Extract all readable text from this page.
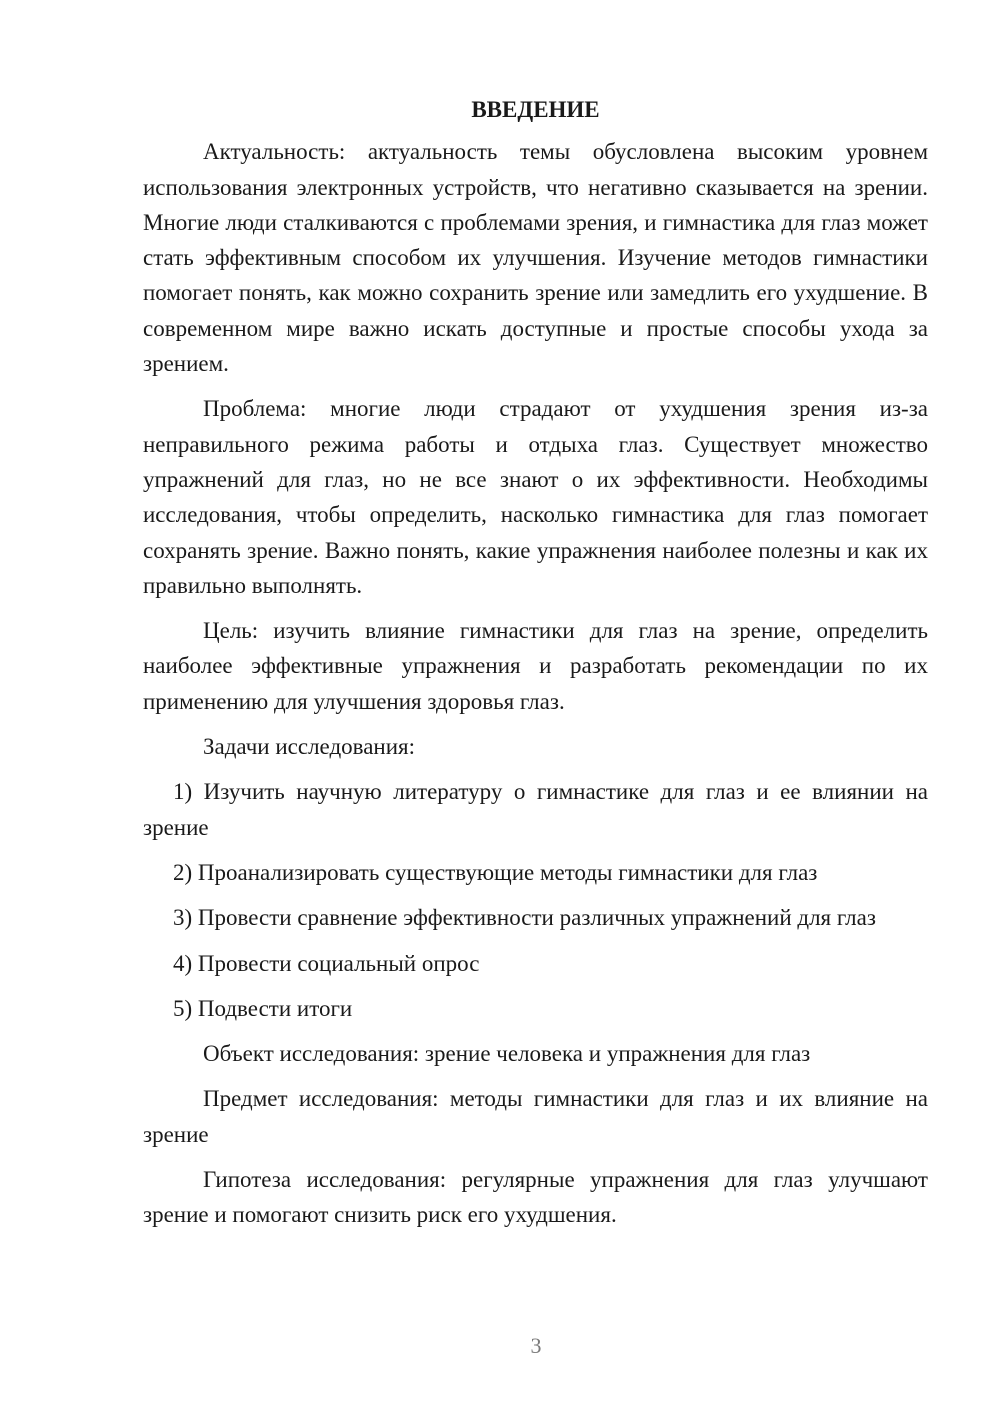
ВВЕДЕНИЕ

Актуальность: актуальность темы обусловлена высоким уровнем использования электронных устройств, что негативно сказывается на зрении. Многие люди сталкиваются с проблемами зрения, и гимнастика для глаз может стать эффективным способом их улучшения. Изучение методов гимнастики помогает понять, как можно сохранить зрение или замедлить его ухудшение. В современном мире важно искать доступные и простые способы ухода за зрением.

Проблема: многие люди страдают от ухудшения зрения из-за неправильного режима работы и отдыха глаз. Существует множество упражнений для глаз, но не все знают о их эффективности. Необходимы исследования, чтобы определить, насколько гимнастика для глаз помогает сохранять зрение. Важно понять, какие упражнения наиболее полезны и как их правильно выполнять.

Цель: изучить влияние гимнастики для глаз на зрение, определить наиболее эффективные упражнения и разработать рекомендации по их применению для улучшения здоровья глаз.

Задачи исследования:

1) Изучить научную литературу о гимнастике для глаз и ее влиянии на зрение

2) Проанализировать существующие методы гимнастики для глаз

3) Провести сравнение эффективности различных упражнений для глаз

4) Провести социальный опрос

5) Подвести итоги

Объект исследования: зрение человека и упражнения для глаз

Предмет исследования: методы гимнастики для глаз и их влияние на зрение

Гипотеза исследования: регулярные упражнения для глаз улучшают зрение и помогают снизить риск его ухудшения.

3
